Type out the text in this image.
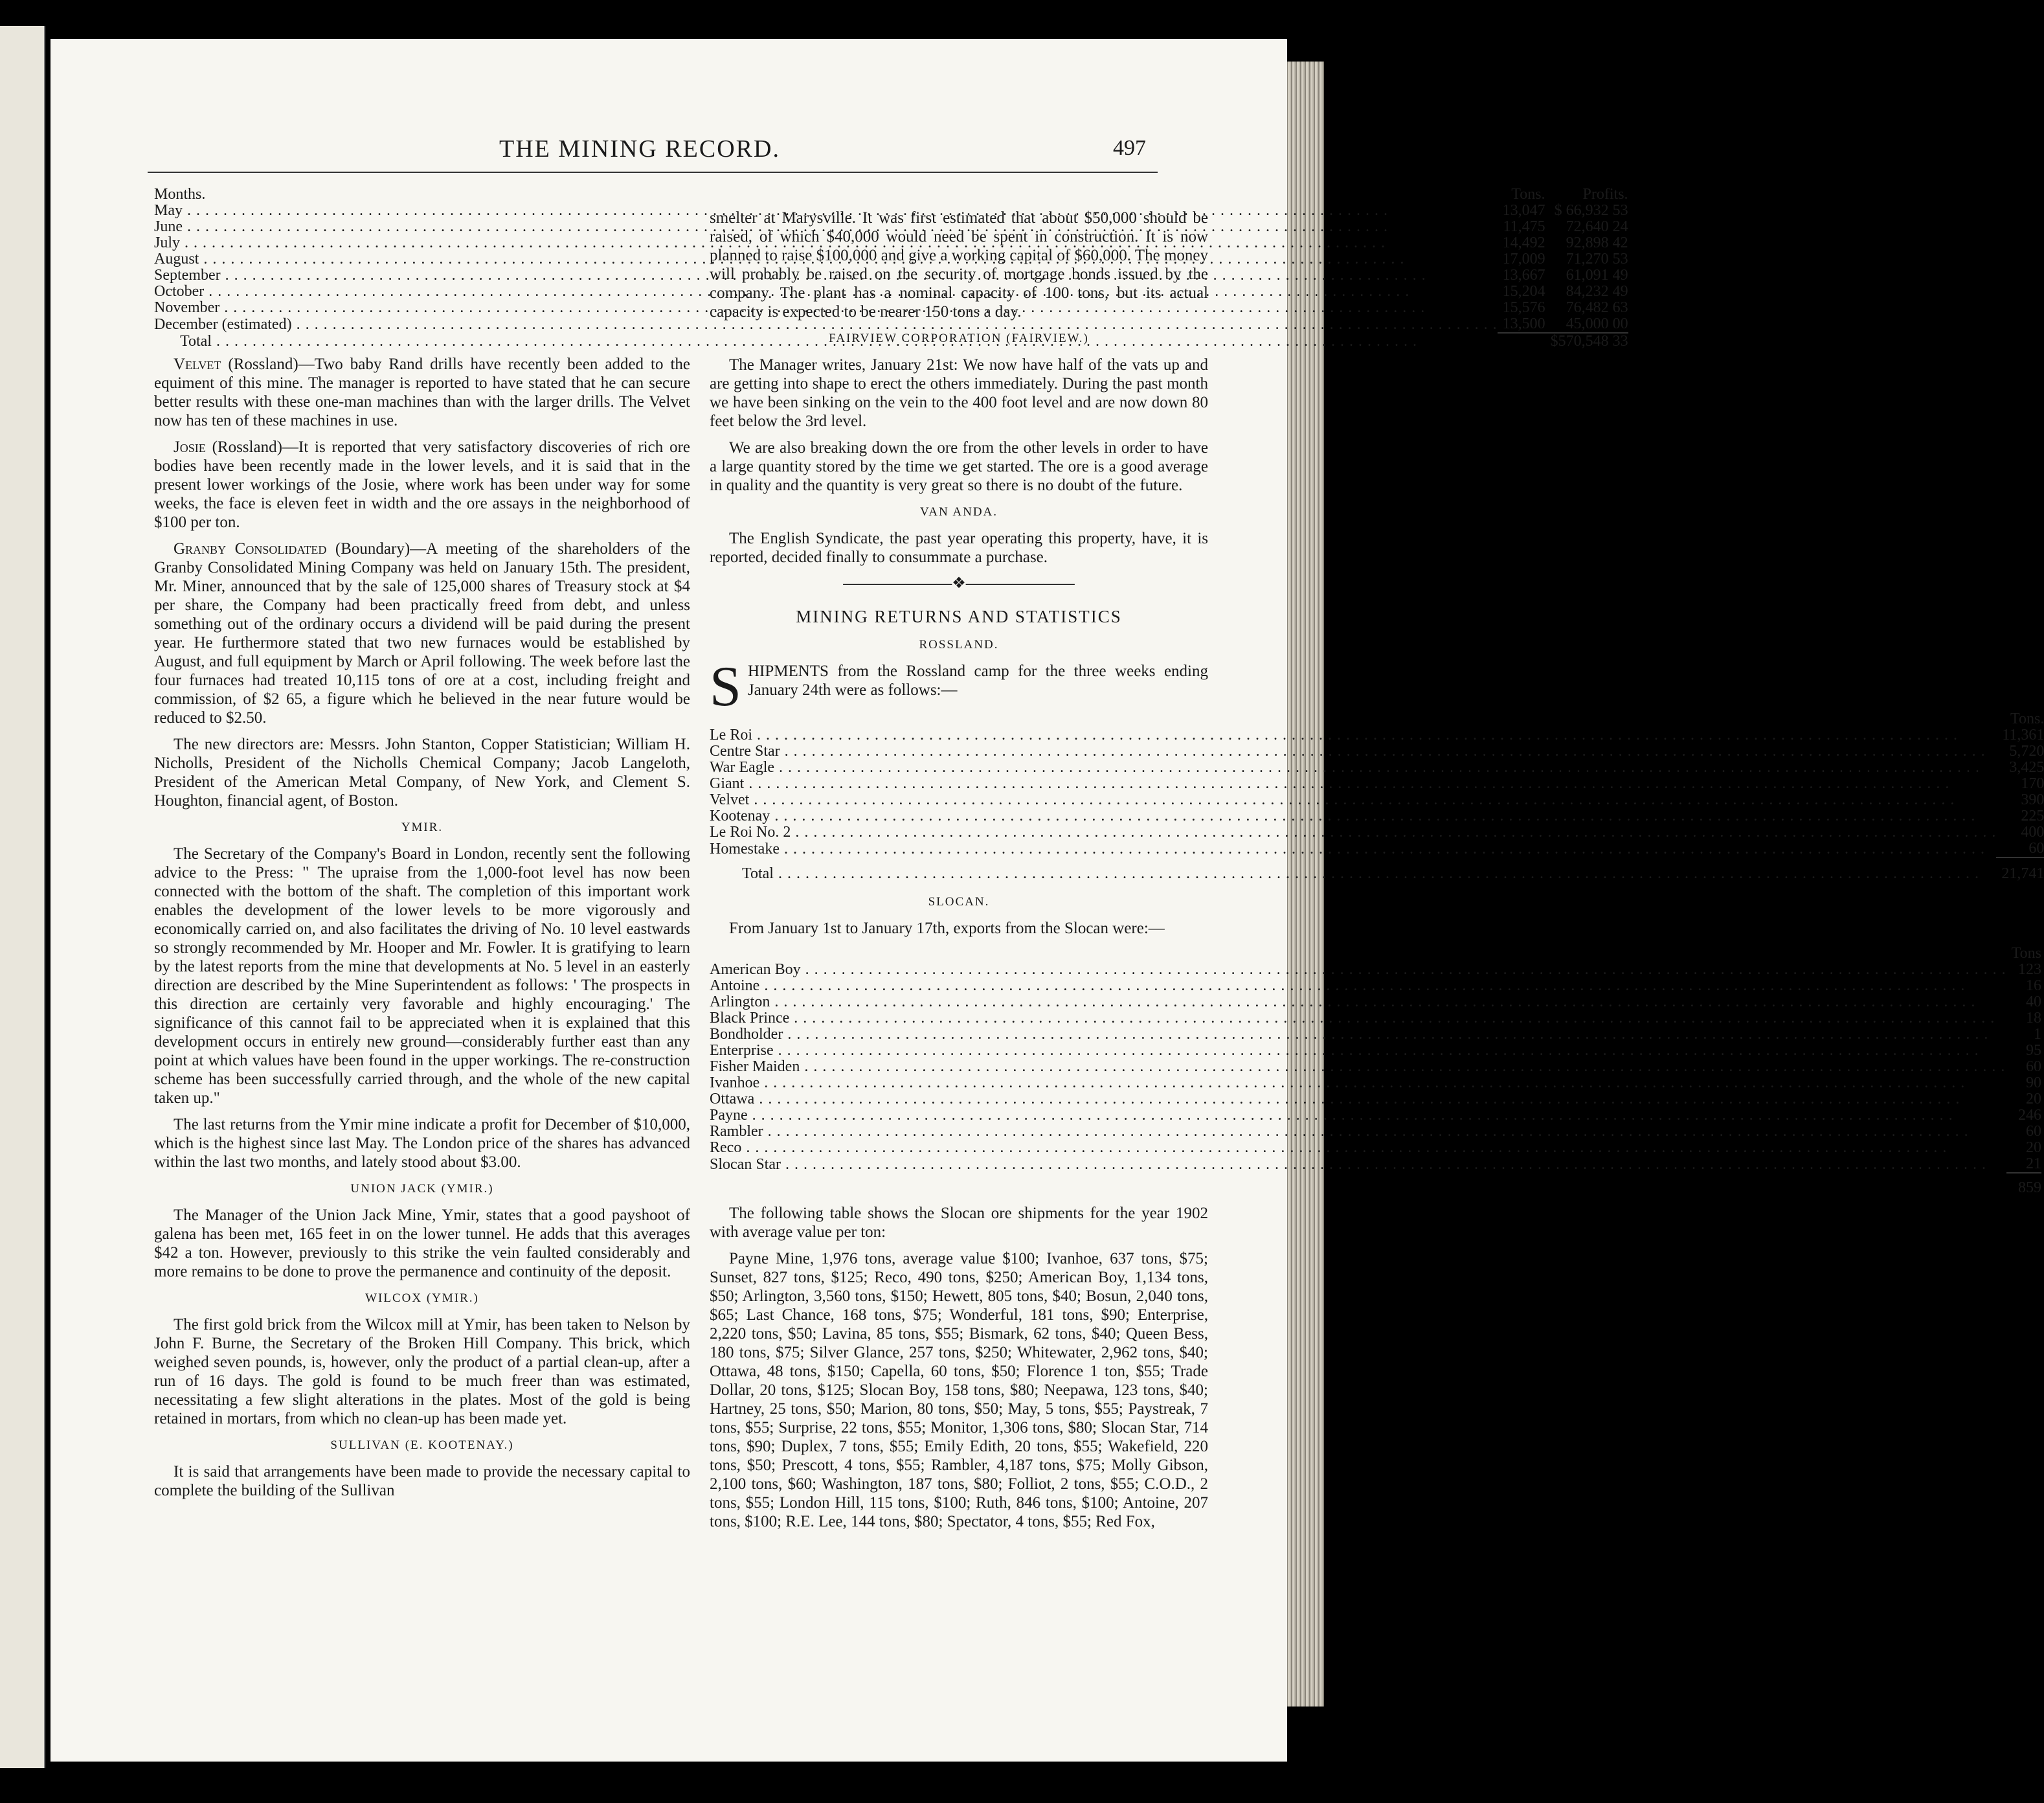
THE MINING RECORD.	497
Months.	Tons.	Profits.
May . . .	13,047	$ 66,932 53
June . . .	11,475	72,640 24
July . . .	14,492	92,898 42
August . . .	17,009	71,270 53
September . . .	13,667	61,091 49
October . . .	15,204	84,232 49
November . . .	15,576	76,482 63
December (estimated) . . .	13,500	45,000 00
Total . . .		$570,548 33

Velvet (Rossland)—Two baby Rand drills have recently been added to the equiment of this mine. The manager is reported to have stated that he can secure better results with these one-man machines than with the larger drills. The Velvet now has ten of these machines in use.

Josie (Rossland)—It is reported that very satisfactory discoveries of rich ore bodies have been recently made in the lower levels, and it is said that in the present lower workings of the Josie, where work has been under way for some weeks, the face is eleven feet in width and the ore assays in the neighborhood of $100 per ton.

Granby Consolidated (Boundary)—A meeting of the shareholders of the Granby Consolidated Mining Company was held on January 15th. The president, Mr. Miner, announced that by the sale of 125,000 shares of Treasury stock at $4 per share, the Company had been practically freed from debt, and unless something out of the ordinary occurs a dividend will be paid during the present year. He furthermore stated that two new furnaces would be established by August, and full equipment by March or April following. The week before last the four furnaces had treated 10,115 tons of ore at a cost, including freight and commission, of $2 65, a figure which he believed in the near future would be reduced to $2.50.

The new directors are: Messrs. John Stanton, Copper Statistician; William H. Nicholls, President of the Nicholls Chemical Company; Jacob Langeloth, President of the American Metal Company, of New York, and Clement S. Houghton, financial agent, of Boston.

YMIR.

The Secretary of the Company's Board in London, recently sent the following advice to the Press: " The upraise from the 1,000-foot level has now been connected with the bottom of the shaft. The completion of this important work enables the development of the lower levels to be more vigorously and economically carried on, and also facilitates the driving of No. 10 level eastwards so strongly recommended by Mr. Hooper and Mr. Fowler. It is gratifying to learn by the latest reports from the mine that developments at No. 5 level in an easterly direction are described by the Mine Superintendent as follows: ' The prospects in this direction are certainly very favorable and highly encouraging.' The significance of this cannot fail to be appreciated when it is explained that this development occurs in entirely new ground—considerably further east than any point at which values have been found in the upper workings. The re-construction scheme has been successfully carried through, and the whole of the new capital taken up."

The last returns from the Ymir mine indicate a profit for December of $10,000, which is the highest since last May. The London price of the shares has advanced within the last two months, and lately stood about $3.00.

UNION JACK (YMIR.)

The Manager of the Union Jack Mine, Ymir, states that a good payshoot of galena has been met, 165 feet in on the lower tunnel. He adds that this averages $42 a ton. However, previously to this strike the vein faulted considerably and more remains to be done to prove the permanence and continuity of the deposit.

WILCOX (YMIR.)

The first gold brick from the Wilcox mill at Ymir, has been taken to Nelson by John F. Burne, the Secretary of the Broken Hill Company. This brick, which weighed seven pounds, is, however, only the product of a partial clean-up, after a run of 16 days. The gold is found to be much freer than was estimated, necessitating a few slight alterations in the plates. Most of the gold is being retained in mortars, from which no clean-up has been made yet.

SULLIVAN (E. KOOTENAY.)

It is said that arrangements have been made to provide the necessary capital to complete the building of the Sullivan

smelter at Marysville. It was first estimated that about $50,000 should be raised, of which $40,000 would need be spent in construction. It is now planned to raise $100,000 and give a working capital of $60,000. The money will probably be raised on the security of mortgage bonds issued by the company. The plant has a nominal capacity of 100 tons, but its actual capacity is expected to be nearer 150 tons a day.

FAIRVIEW CORPORATION (FAIRVIEW.)

The Manager writes, January 21st: We now have half of the vats up and are getting into shape to erect the others immediately. During the past month we have been sinking on the vein to the 400 foot level and are now down 80 feet below the 3rd level.

We are also breaking down the ore from the other levels in order to have a large quantity stored by the time we get started. The ore is a good average in quality and the quantity is very great so there is no doubt of the future.

VAN ANDA.

The English Syndicate, the past year operating this property, have, it is reported, decided finally to consummate a purchase.

———————❖———————
MINING RETURNS AND STATISTICS
ROSSLAND.

SHIPMENTS from the Rossland camp for the three weeks ending January 24th were as follows:—

	Tons.
Le Roi . . .	11,361
Centre Star . . .	5,720
War Eagle . . .	3,425
Giant . . .	170
Velvet . . .	390
Kootenay . . .	225
Le Roi No. 2 . . .	400
Homestake . . .	60
Total . . .	21,741
SLOCAN.

From January 1st to January 17th, exports from the Slocan were:—

	Tons
American Boy . . .	123
Antoine . . .	16
Arlington . . .	40
Black Prince . . .	18
Bondholder . . .	1
Enterprise . . .	95
Fisher Maiden . . .	60
Ivanhoe . . .	90
Ottawa . . .	20
Payne . . .	246
Rambler . . .	60
Reco . . .	20
Slocan Star . . .	21
	859

The following table shows the Slocan ore shipments for the year 1902 with average value per ton:

Payne Mine, 1,976 tons, average value $100; Ivanhoe, 637 tons, $75; Sunset, 827 tons, $125; Reco, 490 tons, $250; American Boy, 1,134 tons, $50; Arlington, 3,560 tons, $150; Hewett, 805 tons, $40; Bosun, 2,040 tons, $65; Last Chance, 168 tons, $75; Wonderful, 181 tons, $90; Enterprise, 2,220 tons, $50; Lavina, 85 tons, $55; Bismark, 62 tons, $40; Queen Bess, 180 tons, $75; Silver Glance, 257 tons, $250; Whitewater, 2,962 tons, $40; Ottawa, 48 tons, $150; Capella, 60 tons, $50; Florence 1 ton, $55; Trade Dollar, 20 tons, $125; Slocan Boy, 158 tons, $80; Neepawa, 123 tons, $40; Hartney, 25 tons, $50; Marion, 80 tons, $50; May, 5 tons, $55; Paystreak, 7 tons, $55; Surprise, 22 tons, $55; Monitor, 1,306 tons, $80; Slocan Star, 714 tons, $90; Duplex, 7 tons, $55; Emily Edith, 20 tons, $55; Wakefield, 220 tons, $50; Prescott, 4 tons, $55; Rambler, 4,187 tons, $75; Molly Gibson, 2,100 tons, $60; Washington, 187 tons, $80; Folliot, 2 tons, $55; C.O.D., 2 tons, $55; London Hill, 115 tons, $100; Ruth, 846 tons, $100; Antoine, 207 tons, $100; R.E. Lee, 144 tons, $80; Spectator, 4 tons, $55; Red Fox,
